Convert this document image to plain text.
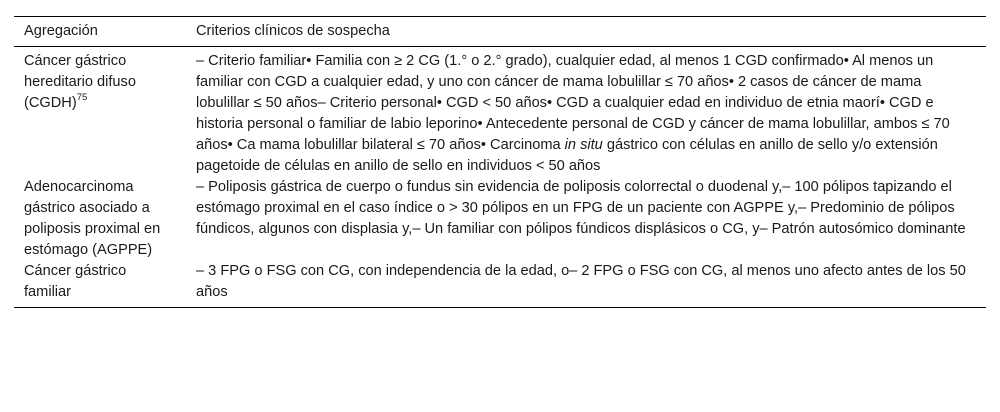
Agregación	Criterios clínicos de sospecha
Cáncer gástrico hereditario difuso (CGDH)$^{75}$	– Criterio familiar• Familia con ≥ 2 CG (1.° o 2.° grado), cualquier edad, al menos 1 CGD confirmado• Al menos un familiar con CGD a cualquier edad, y uno con cáncer de mama lobulillar ≤ 70 años• 2 casos de cáncer de mama lobulillar ≤ 50 años– Criterio personal• CGD < 50 años• CGD a cualquier edad en individuo de etnia maorí• CGD e historia personal o familiar de labio leporino• Antecedente personal de CGD y cáncer de mama lobulillar, ambos ≤ 70 años• Ca mama lobulillar bilateral ≤ 70 años• Carcinoma in situ gástrico con células en anillo de sello y/o extensión pagetoide de células en anillo de sello en individuos < 50 años
Adenocarcinoma gástrico asociado a poliposis proximal en estómago (AGPPE)	– Poliposis gástrica de cuerpo o fundus sin evidencia de poliposis colorrectal o duodenal y,– 100 pólipos tapizando el estómago proximal en el caso índice o > 30 pólipos en un FPG de un paciente con AGPPE y,– Predominio de pólipos fúndicos, algunos con displasia y,– Un familiar con pólipos fúndicos displásicos o CG, y– Patrón autosómico dominante
Cáncer gástrico familiar	– 3 FPG o FSG con CG, con independencia de la edad, o– 2 FPG o FSG con CG, al menos uno afecto antes de los 50 años
